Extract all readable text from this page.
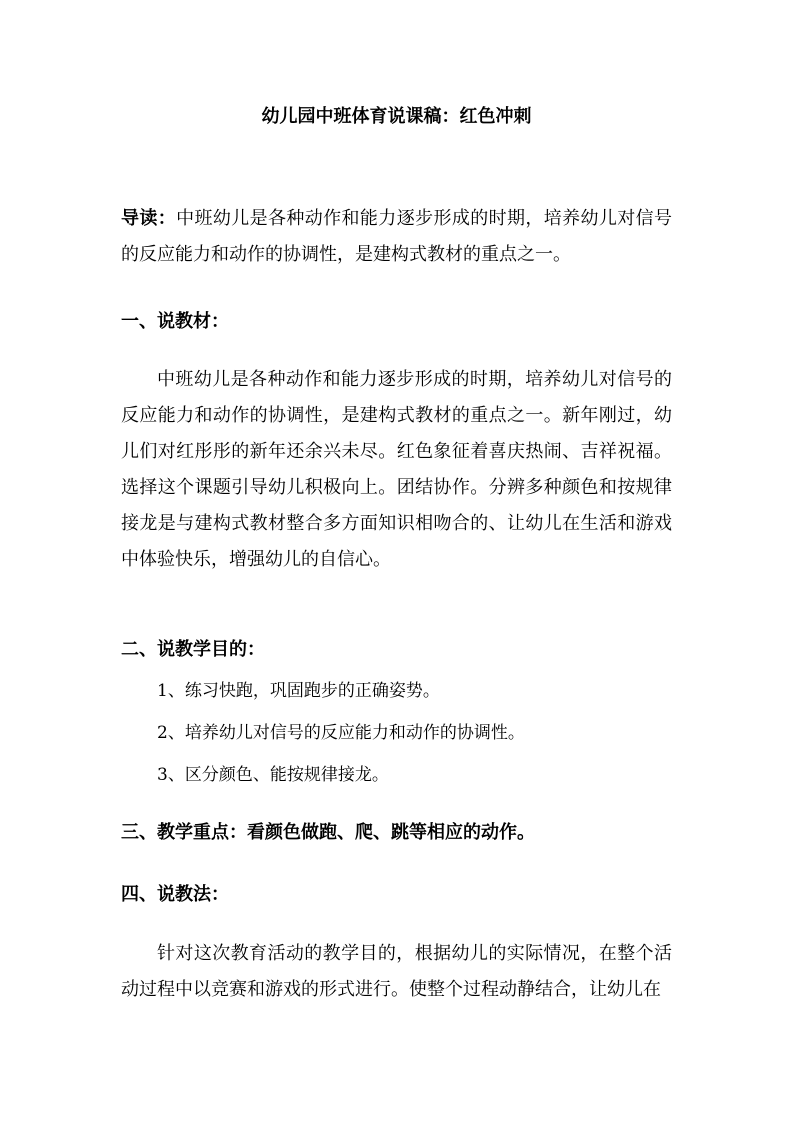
幼儿园中班体育说课稿：红色冲刺
导读：中班幼儿是各种动作和能力逐步形成的时期，培养幼儿对信号的反应能力和动作的协调性，是建构式教材的重点之一。
一、说教材：
中班幼儿是各种动作和能力逐步形成的时期，培养幼儿对信号的反应能力和动作的协调性，是建构式教材的重点之一。新年刚过，幼儿们对红彤彤的新年还余兴未尽。红色象征着喜庆热闹、吉祥祝福。选择这个课题引导幼儿积极向上。团结协作。分辨多种颜色和按规律接龙是与建构式教材整合多方面知识相吻合的、让幼儿在生活和游戏中体验快乐，增强幼儿的自信心。
二、说教学目的：
1、练习快跑，巩固跑步的正确姿势。
2、培养幼儿对信号的反应能力和动作的协调性。
3、区分颜色、能按规律接龙。
三、教学重点：看颜色做跑、爬、跳等相应的动作。
四、说教法：
针对这次教育活动的教学目的，根据幼儿的实际情况，在整个活动过程中以竞赛和游戏的形式进行。使整个过程动静结合，让幼儿在
